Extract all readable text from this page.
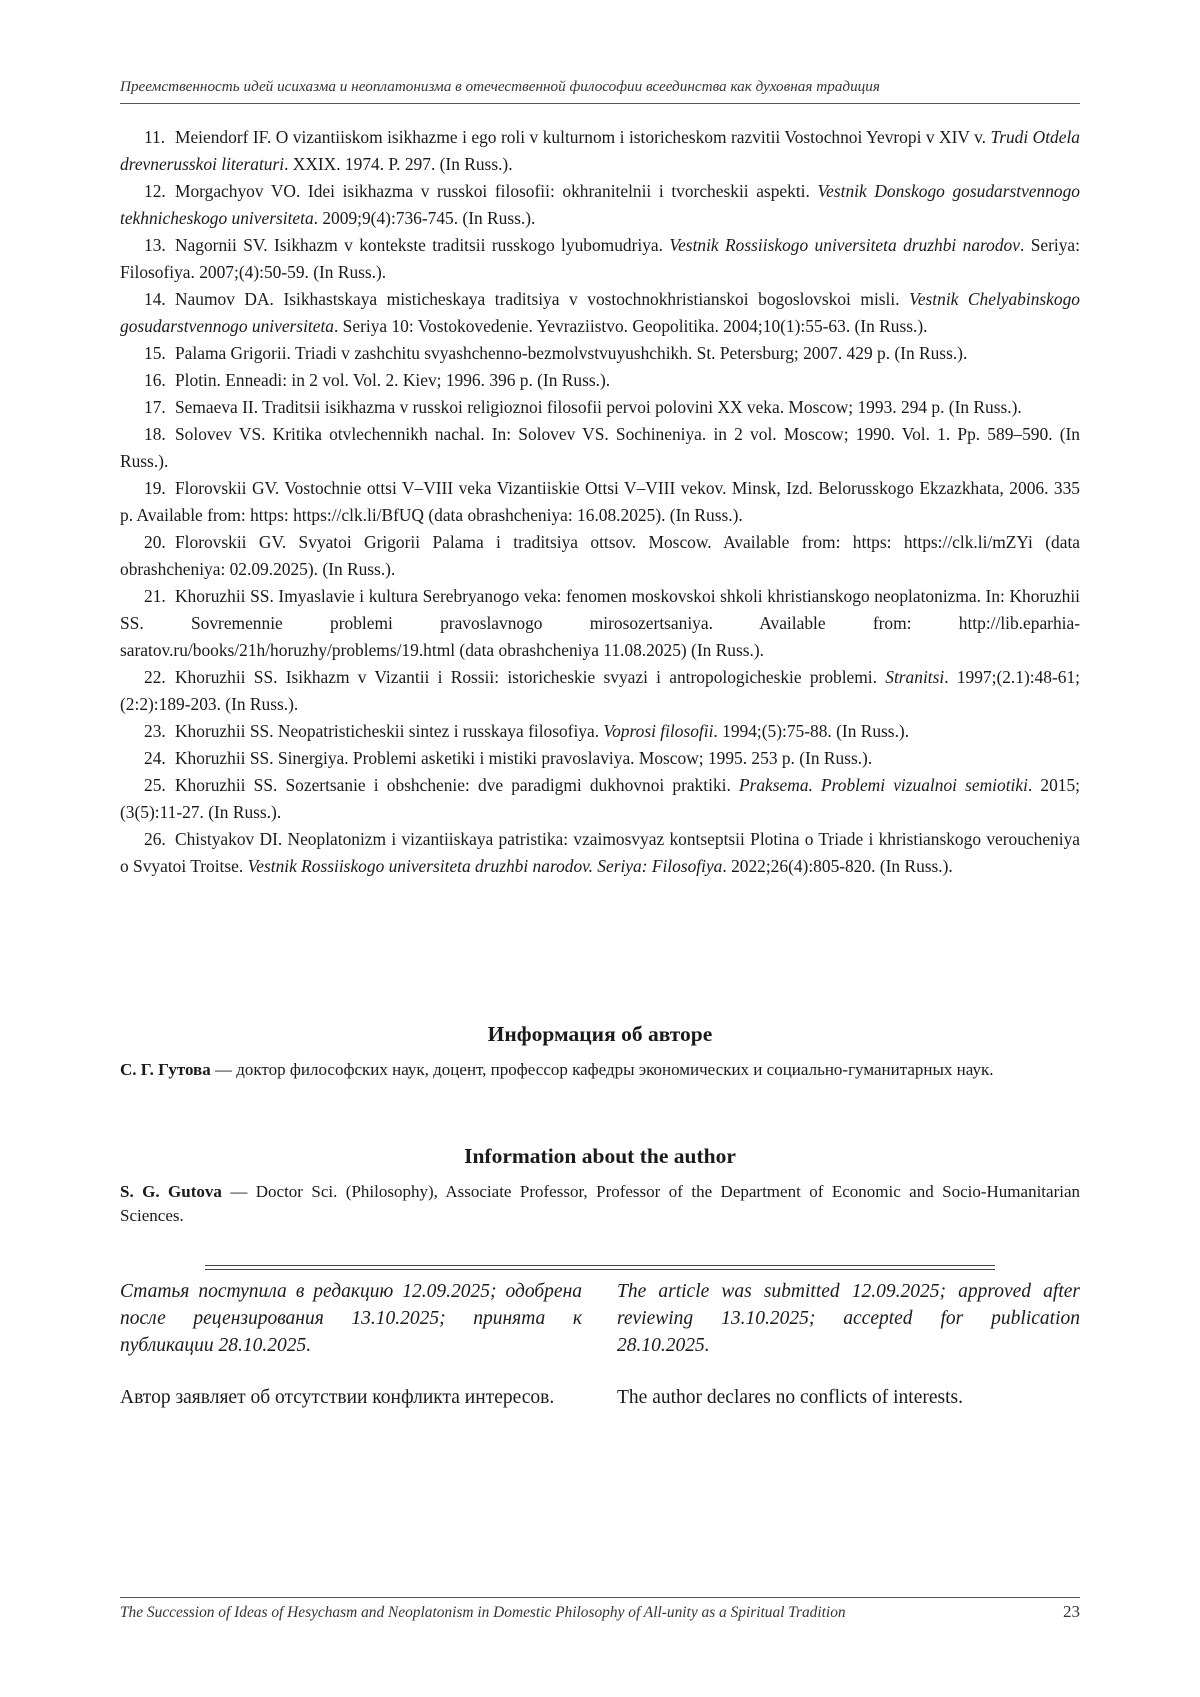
Преемственность идей исихазма и неоплатонизма в отечественной философии всеединства как духовная традиция

11. Meiendorf IF. O vizantiiskom isikhazme i ego roli v kulturnom i istoricheskom razvitii Vostochnoi Yevropi v XIV v. Trudi Otdela drevnerusskoi literaturi. XXIX. 1974. P. 297. (In Russ.).

12. Morgachyov VO. Idei isikhazma v russkoi filosofii: okhranitelnii i tvorcheskii aspekti. Vestnik Donskogo gosudarstvennogo tekhnicheskogo universiteta. 2009;9(4):736-745. (In Russ.).

13. Nagornii SV. Isikhazm v kontekste traditsii russkogo lyubomudriya. Vestnik Rossiiskogo universiteta druzhbi narodov. Seriya: Filosofiya. 2007;(4):50-59. (In Russ.).

14. Naumov DA. Isikhastskaya misticheskaya traditsiya v vostochnokhristianskoi bogoslovskoi misli. Vestnik Chelyabinskogo gosudarstvennogo universiteta. Seriya 10: Vostokovedenie. Yevraziistvo. Geopolitika. 2004;10(1):55-63. (In Russ.).

15. Palama Grigorii. Triadi v zashchitu svyashchenno-bezmolvstvuyushchikh. St. Petersburg; 2007. 429 p. (In Russ.).

16. Plotin. Enneadi: in 2 vol. Vol. 2. Kiev; 1996. 396 p. (In Russ.).

17. Semaeva II. Traditsii isikhazma v russkoi religioznoi filosofii pervoi polovini XX veka. Moscow; 1993. 294 p. (In Russ.).

18. Solovev VS. Kritika otvlechennikh nachal. In: Solovev VS. Sochineniya. in 2 vol. Moscow; 1990. Vol. 1. Pp. 589–590. (In Russ.).

19. Florovskii GV. Vostochnie ottsi V–VIII veka Vizantiiskie Ottsi V–VIII vekov. Minsk, Izd. Belorusskogo Ekzazkhata, 2006. 335 p. Available from: https: https://clk.li/BfUQ (data obrashcheniya: 16.08.2025). (In Russ.).

20. Florovskii GV. Svyatoi Grigorii Palama i traditsiya ottsov. Moscow. Available from: https: https://clk.li/mZYi (data obrashcheniya: 02.09.2025). (In Russ.).

21. Khoruzhii SS. Imyaslavie i kultura Serebryanogo veka: fenomen moskovskoi shkoli khristianskogo neoplatonizma. In: Khoruzhii SS. Sovremennie problemi pravoslavnogo mirosozertsaniya. Available from: http://lib.eparhia-saratov.ru/books/21h/horuzhy/problems/19.html (data obrashcheniya 11.08.2025) (In Russ.).

22. Khoruzhii SS. Isikhazm v Vizantii i Rossii: istoricheskie svyazi i antropologicheskie problemi. Stranitsi. 1997;(2.1):48-61; (2:2):189-203. (In Russ.).

23. Khoruzhii SS. Neopatristicheskii sintez i russkaya filosofiya. Voprosi filosofii. 1994;(5):75-88. (In Russ.).

24. Khoruzhii SS. Sinergiya. Problemi asketiki i mistiki pravoslaviya. Moscow; 1995. 253 p. (In Russ.).

25. Khoruzhii SS. Sozertsanie i obshchenie: dve paradigmi dukhovnoi praktiki. Praksema. Problemi vizualnoi semiotiki. 2015;(3(5):11-27. (In Russ.).

26. Chistyakov DI. Neoplatonizm i vizantiiskaya patristika: vzaimosvyaz kontseptsii Plotina o Triade i khristianskogo veroucheniya o Svyatoi Troitse. Vestnik Rossiiskogo universiteta druzhbi narodov. Seriya: Filosofiya. 2022;26(4):805-820. (In Russ.).

Информация об авторе
С. Г. Гутова — доктор философских наук, доцент, профессор кафедры экономических и социально-гуманитарных наук.
Information about the author
S. G. Gutova — Doctor Sci. (Philosophy), Associate Professor, Professor of the Department of Economic and Socio-Humanitarian Sciences.

Статья поступила в редакцию 12.09.2025; одобрена после рецензирования 13.10.2025; принята к публикации 28.10.2025.

Автор заявляет об отсутствии конфликта интересов.

The article was submitted 12.09.2025; approved after reviewing 13.10.2025; accepted for publication 28.10.2025.

The author declares no conflicts of interests.

The Succession of Ideas of Hesychasm and Neoplatonism in Domestic Philosophy of All-unity as a Spiritual Tradition	23
